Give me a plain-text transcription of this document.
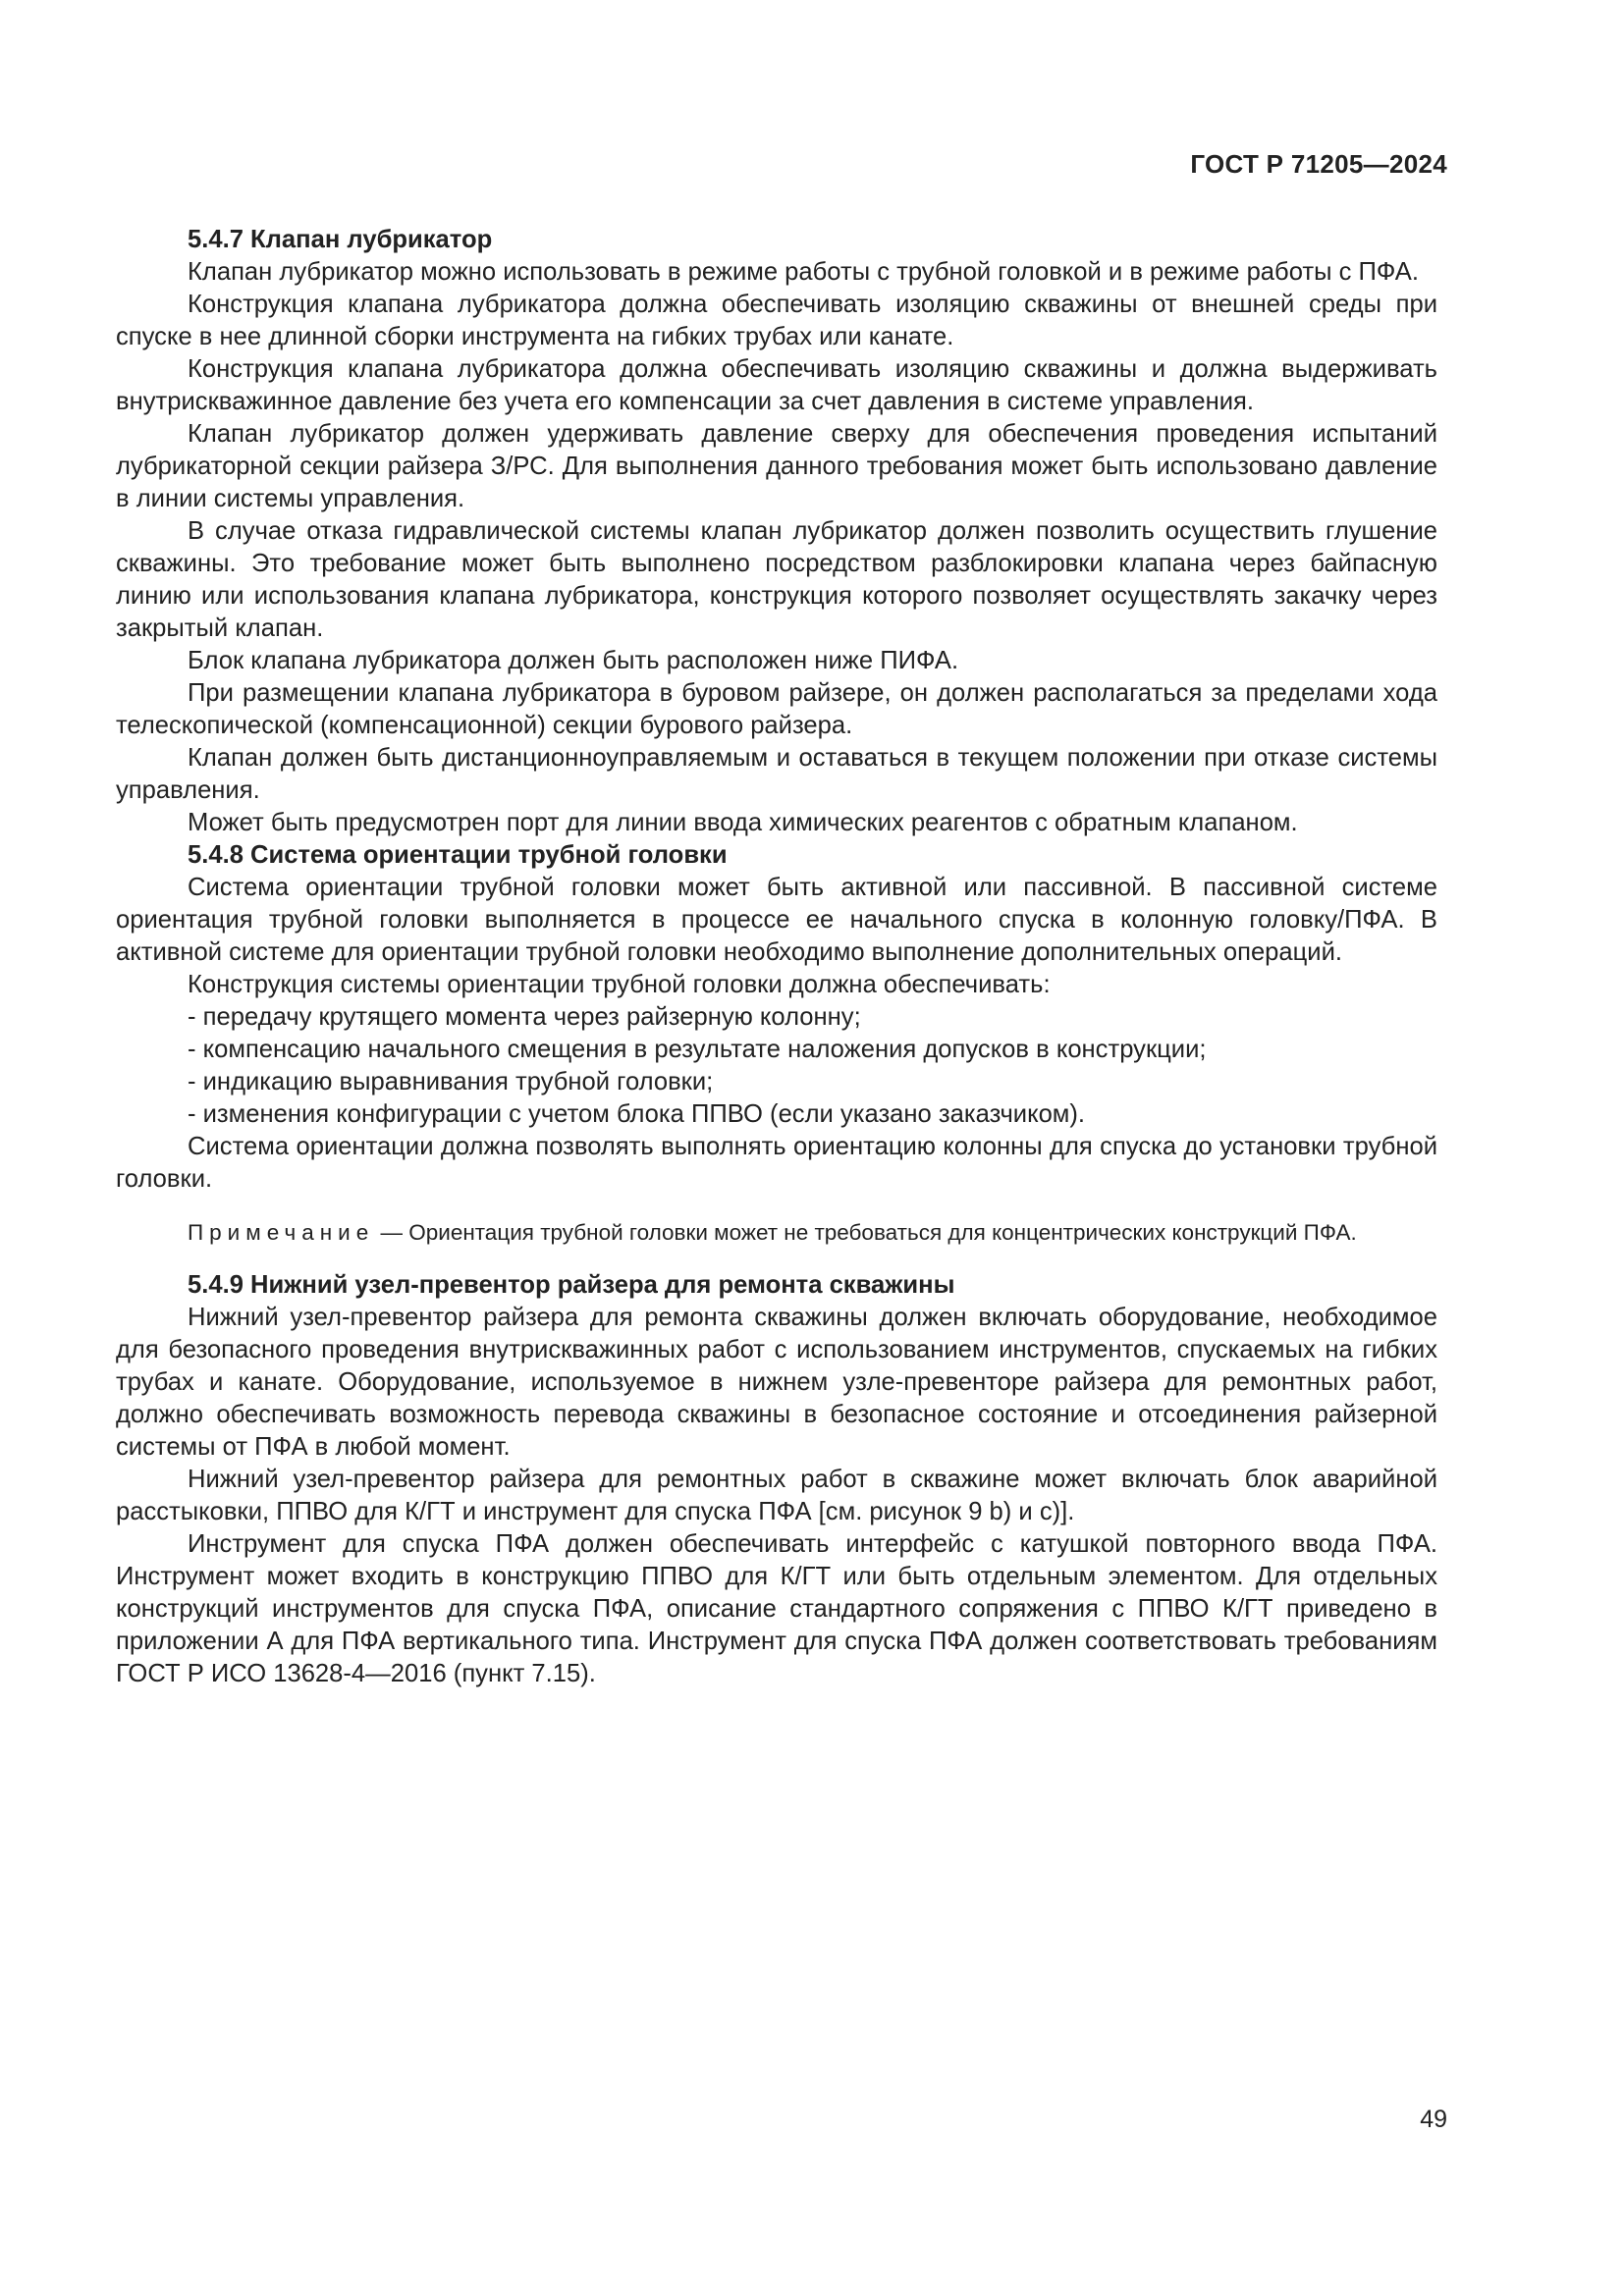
ГОСТ Р 71205—2024

5.4.7 Клапан лубрикатор

Клапан лубрикатор можно использовать в режиме работы с трубной головкой и в режиме работы с ПФА.

Конструкция клапана лубрикатора должна обеспечивать изоляцию скважины от внешней среды при спуске в нее длинной сборки инструмента на гибких трубах или канате.

Конструкция клапана лубрикатора должна обеспечивать изоляцию скважины и должна выдерживать внутрискважинное давление без учета его компенсации за счет давления в системе управления.

Клапан лубрикатор должен удерживать давление сверху для обеспечения проведения испытаний лубрикаторной секции райзера З/РС. Для выполнения данного требования может быть использовано давление в линии системы управления.

В случае отказа гидравлической системы клапан лубрикатор должен позволить осуществить глушение скважины. Это требование может быть выполнено посредством разблокировки клапана через байпасную линию или использования клапана лубрикатора, конструкция которого позволяет осуществлять закачку через закрытый клапан.

Блок клапана лубрикатора должен быть расположен ниже ПИФА.

При размещении клапана лубрикатора в буровом райзере, он должен располагаться за пределами хода телескопической (компенсационной) секции бурового райзера.

Клапан должен быть дистанционноуправляемым и оставаться в текущем положении при отказе системы управления.

Может быть предусмотрен порт для линии ввода химических реагентов с обратным клапаном.

5.4.8 Система ориентации трубной головки

Система ориентации трубной головки может быть активной или пассивной. В пассивной системе ориентация трубной головки выполняется в процессе ее начального спуска в колонную головку/ПФА. В активной системе для ориентации трубной головки необходимо выполнение дополнительных операций.

Конструкция системы ориентации трубной головки должна обеспечивать:

- передачу крутящего момента через райзерную колонну;

- компенсацию начального смещения в результате наложения допусков в конструкции;

- индикацию выравнивания трубной головки;

- изменения конфигурации с учетом блока ППВО (если указано заказчиком).

Система ориентации должна позволять выполнять ориентацию колонны для спуска до установки трубной головки.

Примечание — Ориентация трубной головки может не требоваться для концентрических конструкций ПФА.

5.4.9 Нижний узел-превентор райзера для ремонта скважины

Нижний узел-превентор райзера для ремонта скважины должен включать оборудование, необходимое для безопасного проведения внутрискважинных работ с использованием инструментов, спускаемых на гибких трубах и канате. Оборудование, используемое в нижнем узле-превенторе райзера для ремонтных работ, должно обеспечивать возможность перевода скважины в безопасное состояние и отсоединения райзерной системы от ПФА в любой момент.

Нижний узел-превентор райзера для ремонтных работ в скважине может включать блок аварийной расстыковки, ППВО для К/ГТ и инструмент для спуска ПФА [см. рисунок 9 b) и c)].

Инструмент для спуска ПФА должен обеспечивать интерфейс с катушкой повторного ввода ПФА. Инструмент может входить в конструкцию ППВО для К/ГТ или быть отдельным элементом. Для отдельных конструкций инструментов для спуска ПФА, описание стандартного сопряжения с ППВО К/ГТ приведено в приложении А для ПФА вертикального типа. Инструмент для спуска ПФА должен соответствовать требованиям ГОСТ Р ИСО 13628-4—2016 (пункт 7.15).

49
